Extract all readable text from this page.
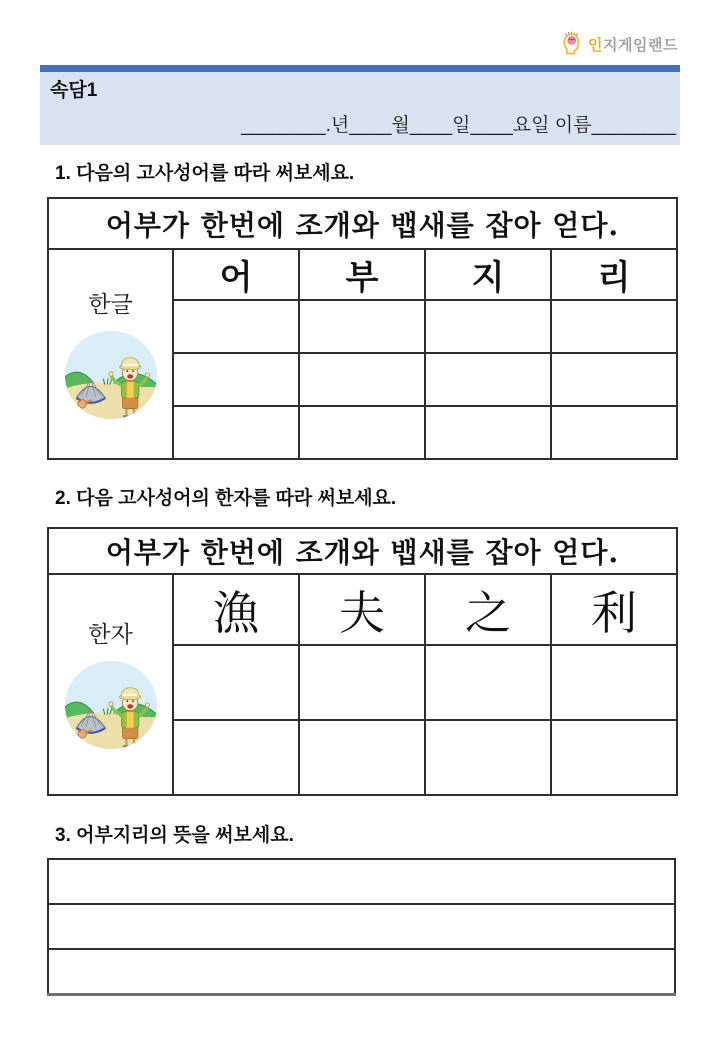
인지게임랜드
속담1
________.년____월____일____요일 이름________
1. 다음의 고사성어를 따라 써보세요.
어부가 한번에 조개와 뱁새를 잡아 얻다.				

한글	어	부	지	리

2. 다음 고사성어의 한자를 따라 써보세요.
어부가 한번에 조개와 뱁새를 잡아 얻다.				

한자	漁	夫	之	利

3. 어부지리의 뜻을 써보세요.
